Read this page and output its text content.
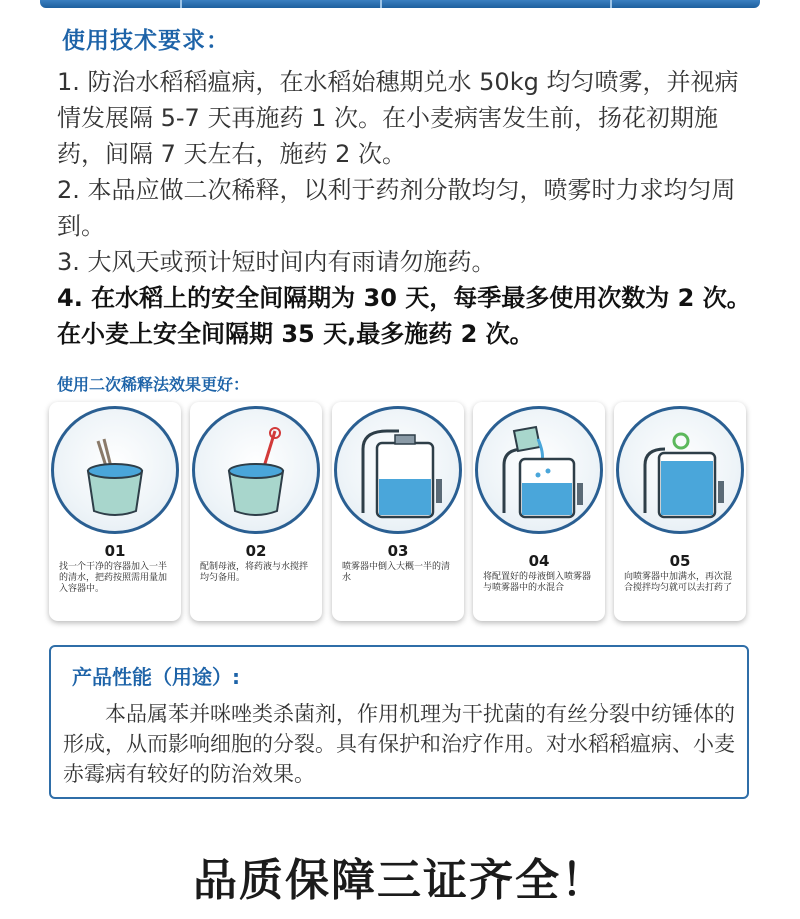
使用技术要求：
1. 防治水稻稻瘟病，在水稻始穗期兑水 50kg 均匀喷雾，并视病情发展隔 5-7 天再施药 1 次。在小麦病害发生前，扬花初期施药，间隔 7 天左右，施药 2 次。
2. 本品应做二次稀释，以利于药剂分散均匀，喷雾时力求均匀周到。
3. 大风天或预计短时间内有雨请勿施药。
4. 在水稻上的安全间隔期为 30 天，每季最多使用次数为 2 次。在小麦上安全间隔期 35 天,最多施药 2 次。
使用二次稀释法效果更好：
01
找一个干净的容器加入一半的清水，把药按照需用量加入容器中。
02
配制母液，将药液与水搅拌均匀备用。
03
喷雾器中倒入大概一半的清水
04
将配置好的母液倒入喷雾器与喷雾器中的水混合
05
向喷雾器中加满水，再次混合搅拌均匀就可以去打药了
产品性能（用途）:
本品属苯并咪唑类杀菌剂，作用机理为干扰菌的有丝分裂中纺锤体的形成，从而影响细胞的分裂。具有保护和治疗作用。对水稻稻瘟病、小麦赤霉病有较好的防治效果。
品质保障三证齐全！
